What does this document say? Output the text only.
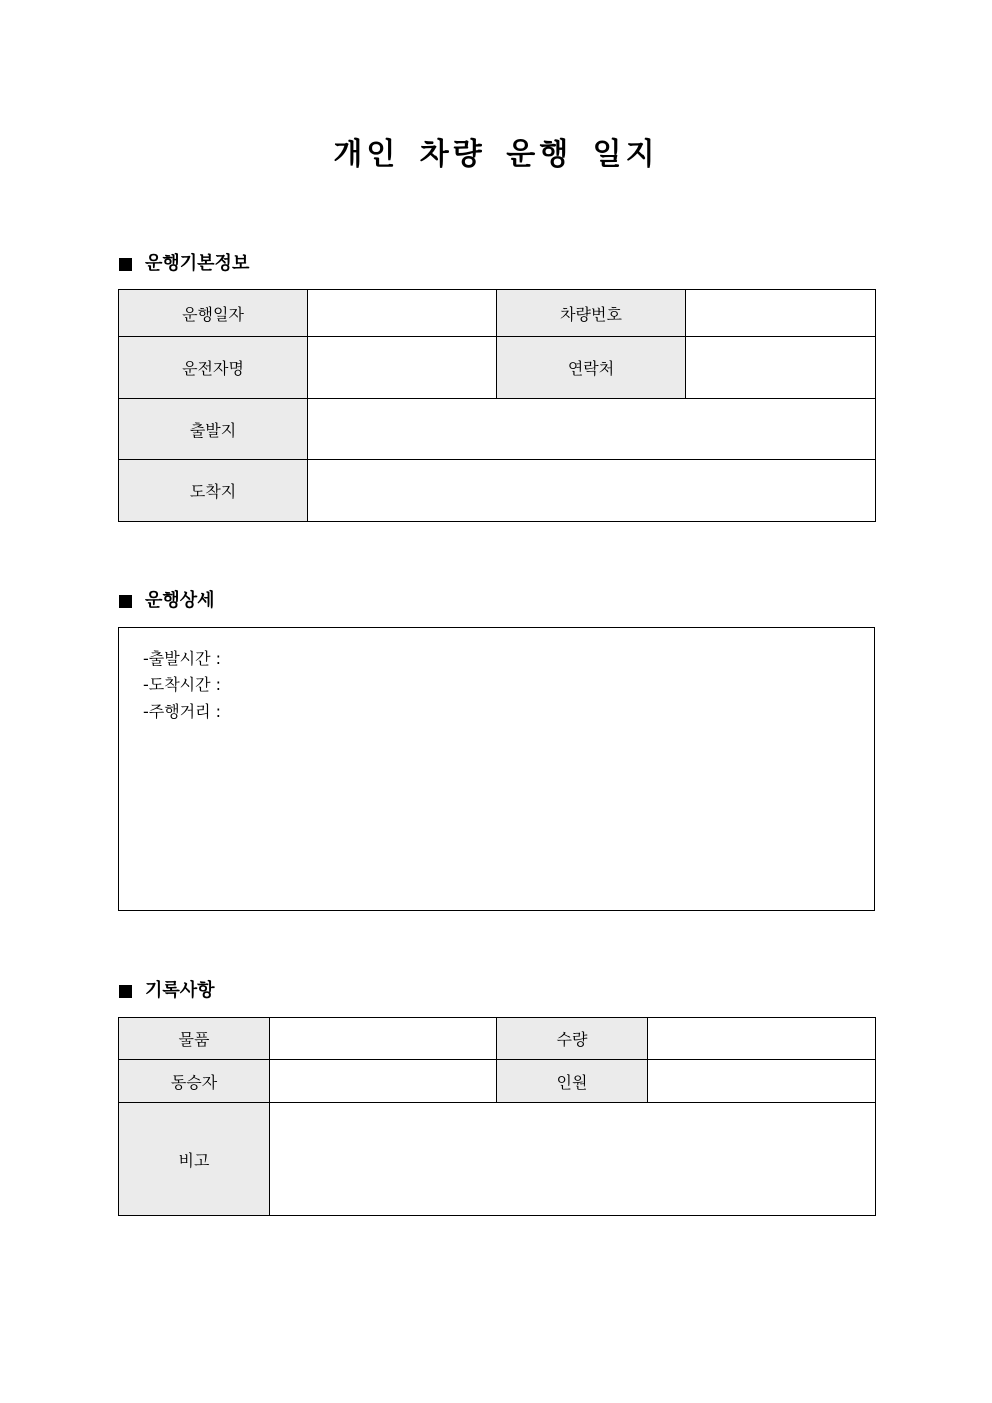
개인 차량 운행 일지
운행기본정보
운행일자		차량번호	
운전자명		연락처	
출발지			
도착지			
운행상세
-출발시간 :
-도착시간 :
-주행거리 :
기록사항
물품		수량	
동승자		인원	
비고			
